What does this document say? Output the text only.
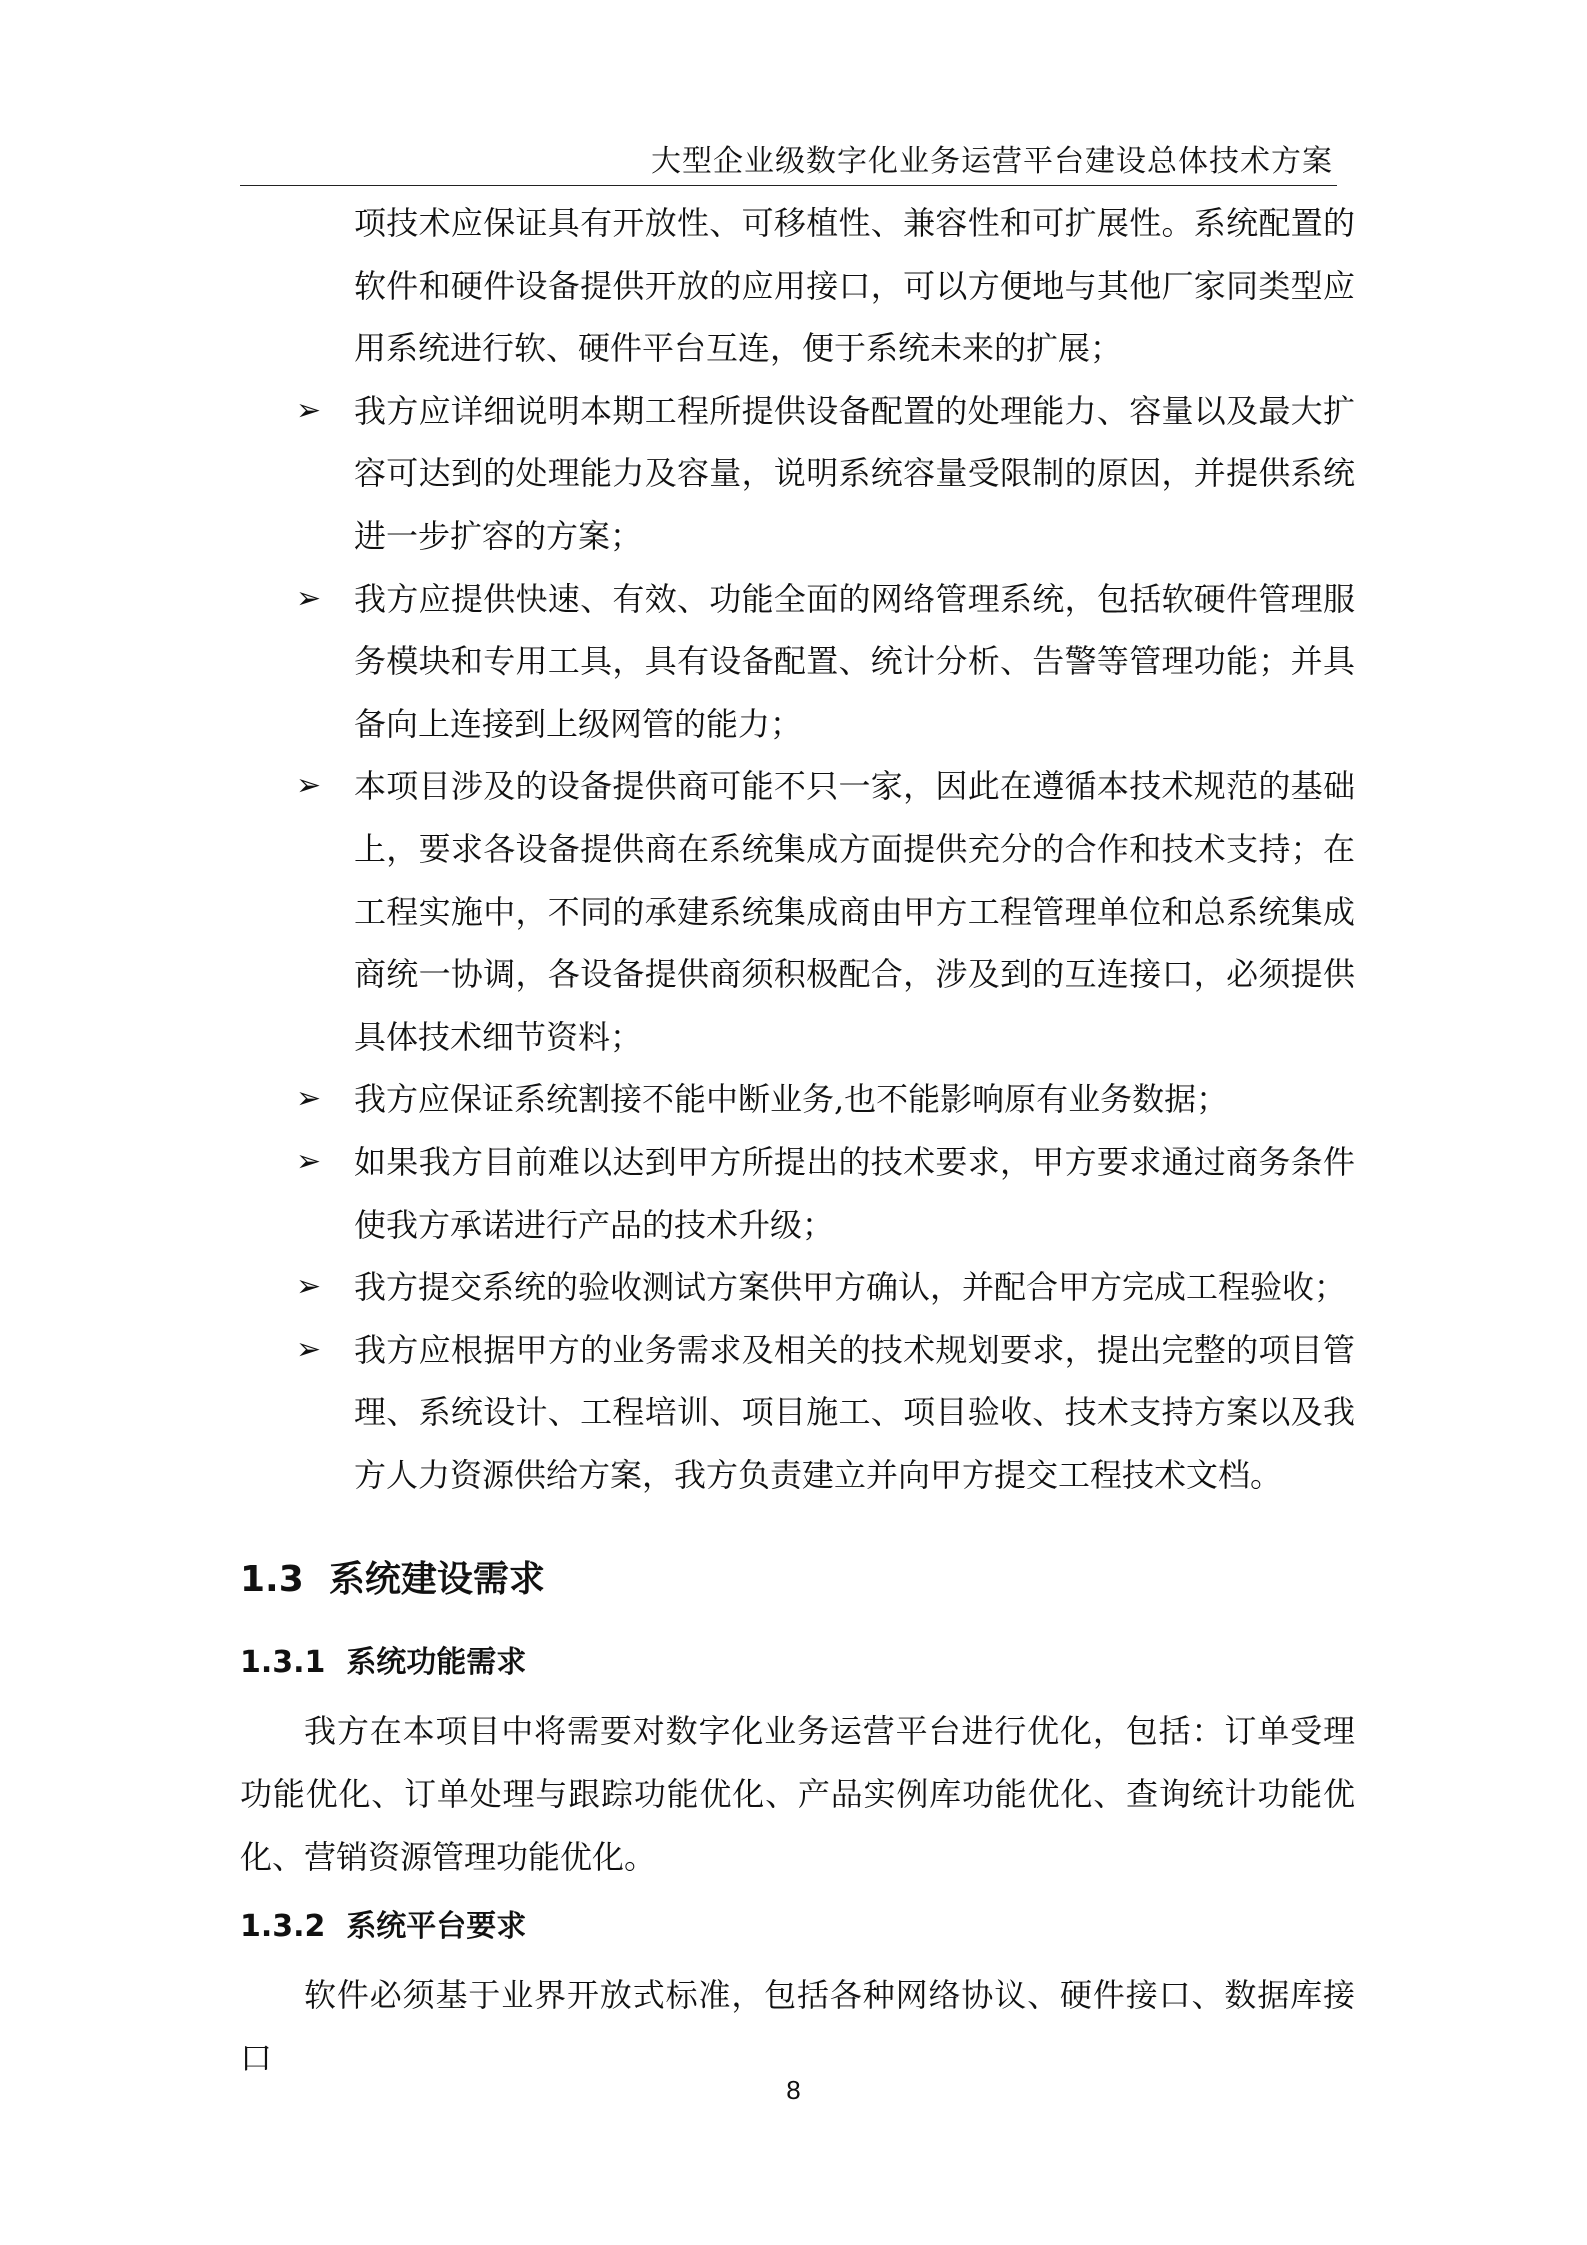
大型企业级数字化业务运营平台建设总体技术方案

项技术应保证具有开放性、可移植性、兼容性和可扩展性。系统配置的软件和硬件设备提供开放的应用接口，可以方便地与其他厂家同类型应用系统进行软、硬件平台互连，便于系统未来的扩展；

➢ 我方应详细说明本期工程所提供设备配置的处理能力、容量以及最大扩容可达到的处理能力及容量，说明系统容量受限制的原因，并提供系统进一步扩容的方案；

➢ 我方应提供快速、有效、功能全面的网络管理系统，包括软硬件管理服务模块和专用工具，具有设备配置、统计分析、告警等管理功能；并具备向上连接到上级网管的能力；

➢ 本项目涉及的设备提供商可能不只一家，因此在遵循本技术规范的基础上，要求各设备提供商在系统集成方面提供充分的合作和技术支持；在工程实施中，不同的承建系统集成商由甲方工程管理单位和总系统集成商统一协调，各设备提供商须积极配合，涉及到的互连接口，必须提供具体技术细节资料；

➢ 我方应保证系统割接不能中断业务,也不能影响原有业务数据；

➢ 如果我方目前难以达到甲方所提出的技术要求，甲方要求通过商务条件使我方承诺进行产品的技术升级；

➢ 我方提交系统的验收测试方案供甲方确认，并配合甲方完成工程验收；

➢ 我方应根据甲方的业务需求及相关的技术规划要求，提出完整的项目管理、系统设计、工程培训、项目施工、项目验收、技术支持方案以及我方人力资源供给方案，我方负责建立并向甲方提交工程技术文档。

1.3 系统建设需求
1.3.1 系统功能需求

我方在本项目中将需要对数字化业务运营平台进行优化，包括：订单受理功能优化、订单处理与跟踪功能优化、产品实例库功能优化、查询统计功能优化、营销资源管理功能优化。

1.3.2 系统平台要求

软件必须基于业界开放式标准，包括各种网络协议、硬件接口、数据库接口

8
